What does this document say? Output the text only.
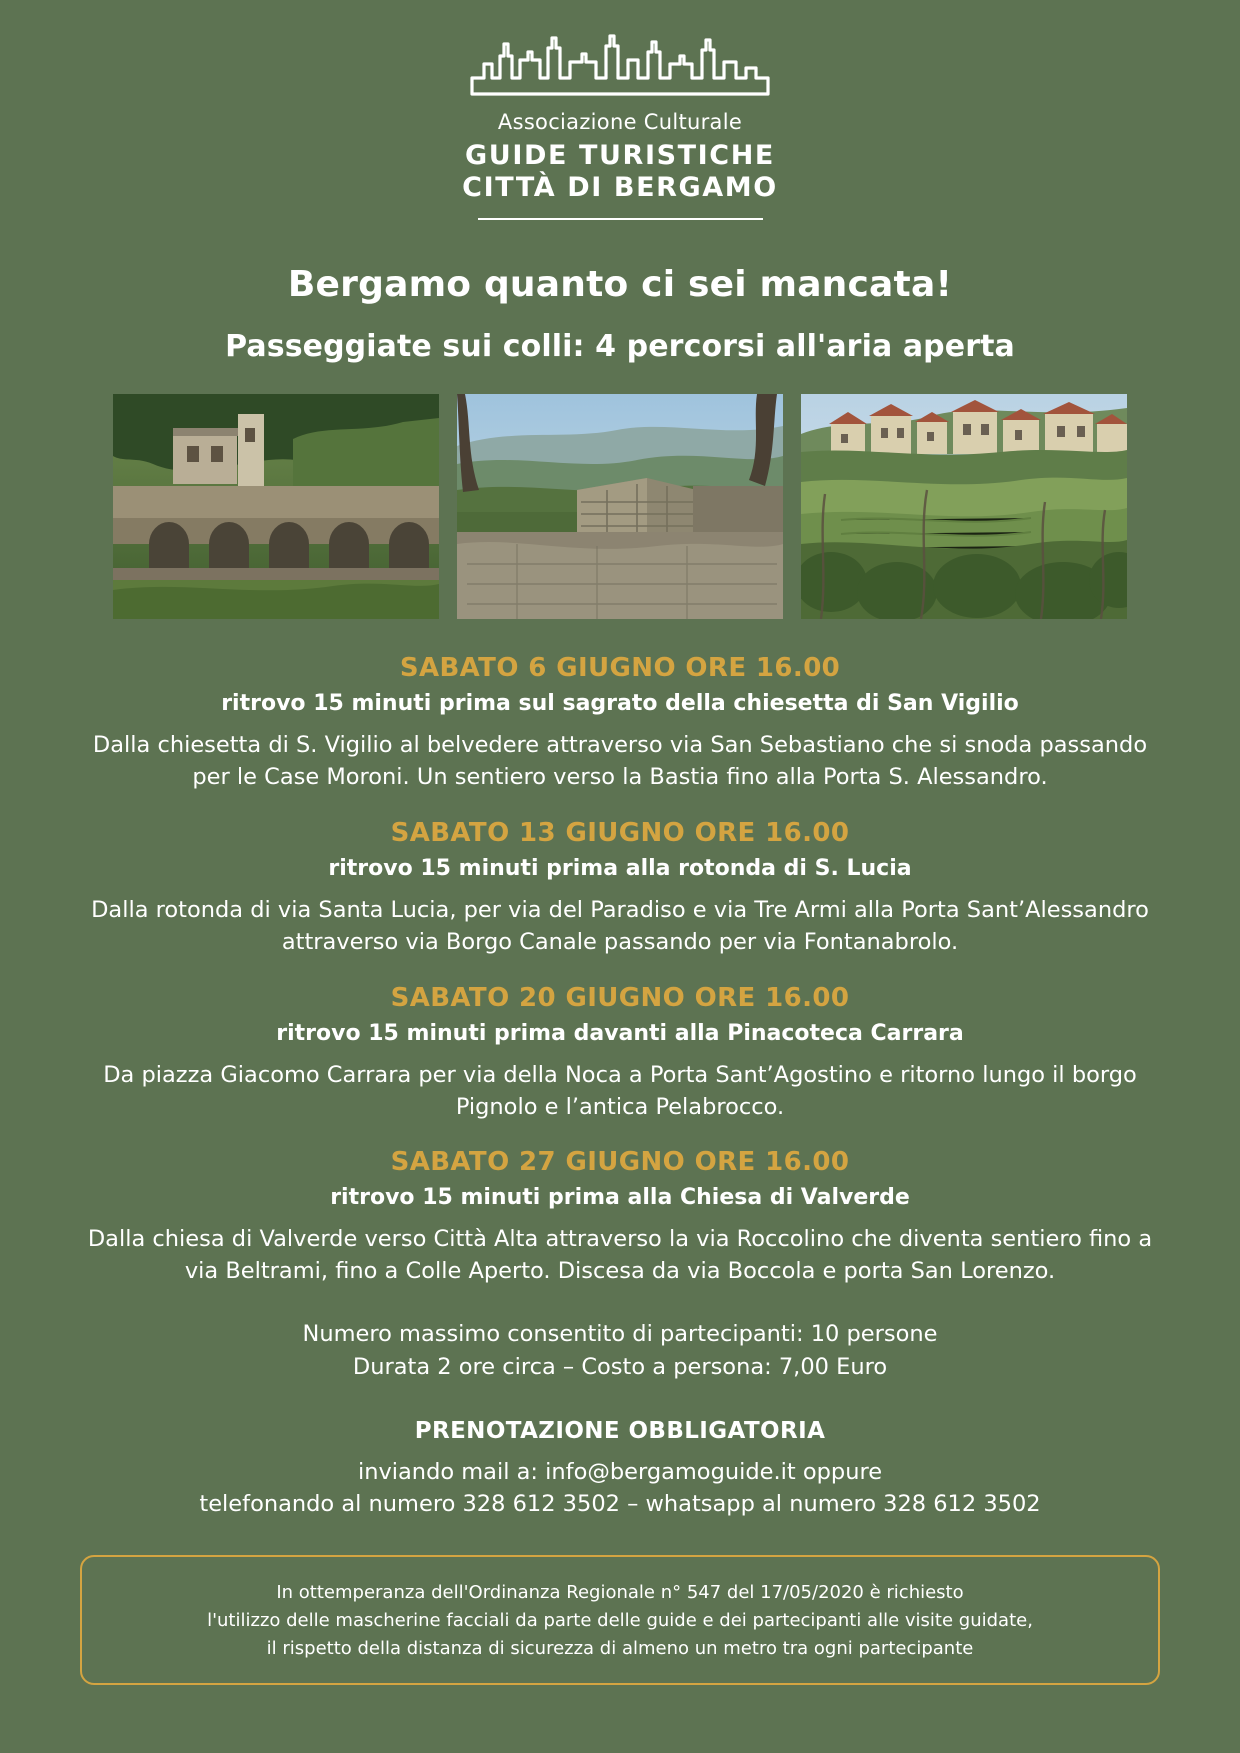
Associazione Culturale
GUIDE TURISTICHE
CITTÀ DI BERGAMO
Bergamo quanto ci sei mancata!
Passeggiate sui colli: 4 percorsi all'aria aperta
SABATO 6 GIUGNO ORE 16.00
ritrovo 15 minuti prima sul sagrato della chiesetta di San Vigilio
Dalla chiesetta di S. Vigilio al belvedere attraverso via San Sebastiano che si snoda passando per le Case Moroni. Un sentiero verso la Bastia fino alla Porta S. Alessandro.
SABATO 13 GIUGNO ORE 16.00
ritrovo 15 minuti prima alla rotonda di S. Lucia
Dalla rotonda di via Santa Lucia, per via del Paradiso e via Tre Armi alla Porta Sant’Alessandro attraverso via Borgo Canale passando per via Fontanabrolo.
SABATO 20 GIUGNO ORE 16.00
ritrovo 15 minuti prima davanti alla Pinacoteca Carrara
Da piazza Giacomo Carrara per via della Noca a Porta Sant’Agostino e ritorno lungo il borgo Pignolo e l’antica Pelabrocco.
SABATO 27 GIUGNO ORE 16.00
ritrovo 15 minuti prima alla Chiesa di Valverde
Dalla chiesa di Valverde verso Città Alta attraverso la via Roccolino che diventa sentiero fino a via Beltrami, fino a Colle Aperto. Discesa da via Boccola e porta San Lorenzo.
Numero massimo consentito di partecipanti: 10 persone
Durata 2 ore circa – Costo a persona: 7,00 Euro
PRENOTAZIONE OBBLIGATORIA
inviando mail a: info@bergamoguide.it oppure
telefonando al numero 328 612 3502 – whatsapp al numero 328 612 3502
In ottemperanza dell'Ordinanza Regionale n° 547 del 17/05/2020 è richiesto
l'utilizzo delle mascherine facciali da parte delle guide e dei partecipanti alle visite guidate,
il rispetto della distanza di sicurezza di almeno un metro tra ogni partecipante
